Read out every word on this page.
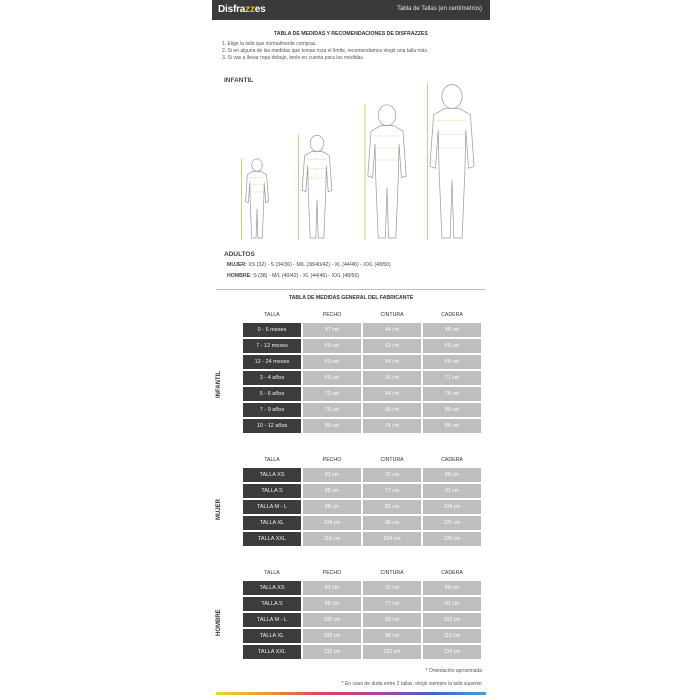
Disfrazzes	Tabla de Tallas (en centímetros)
TABLA DE MEDIDAS Y RECOMENDACIONES DE DISFRAZZES
1. Elige la talla que normalmente compras.
2. Si en alguna de las medidas que tomas roza el límite, recomendamos elegir una talla más.
3. Si vas a llevar ropa debajo, tenlo en cuenta para las medidas.
INFANTIL
ADULTOS
MUJER: XS (32) - S (34/36) - M/L (38/40/42) - XL (44/46) - XXL (48/50)
HOMBRE: S (38) - M/L (40/42) - XL (44/46) - XXL (48/50)
TABLA DE MEDIDAS GENERAL DEL FABRICANTE
	TALLA	PECHO	CINTURA	CADERA
	0 - 6 meses	47 cm	44 cm	48 cm
	7 - 12 meses	60 cm	52 cm	66 cm
	12 - 24 meses	63 cm	54 cm	69 cm
	3 - 4 años	66 cm	56 cm	71 cm
	5 - 6 años	72 cm	64 cm	78 cm
	7 - 9 años	76 cm	68 cm	80 cm
	10 - 12 años	80 cm	74 cm	88 cm
INFANTIL
	TALLA	PECHO	CINTURA	CADERA
	TALLA XS	83 cm	75 cm	89 cm
	TALLA S	85 cm	77 cm	91 cm
	TALLA M - L	88 cm	82 cm	104 cm
	TALLA XL	104 cm	96 cm	121 cm
	TALLA XXL	118 cm	104 cm	126 cm
MUJER
	TALLA	PECHO	CINTURA	CADERA
	TALLA XS	83 cm	75 cm	89 cm
	TALLA S	85 cm	77 cm	91 cm
	TALLA M - L	100 cm	90 cm	102 cm
	TALLA XL	108 cm	98 cm	112 cm
	TALLA XXL	132 cm	120 cm	134 cm
HOMBRE
* Orientación aproximada
* En caso de duda entre 2 tallas, elegir siempre la talla superior
